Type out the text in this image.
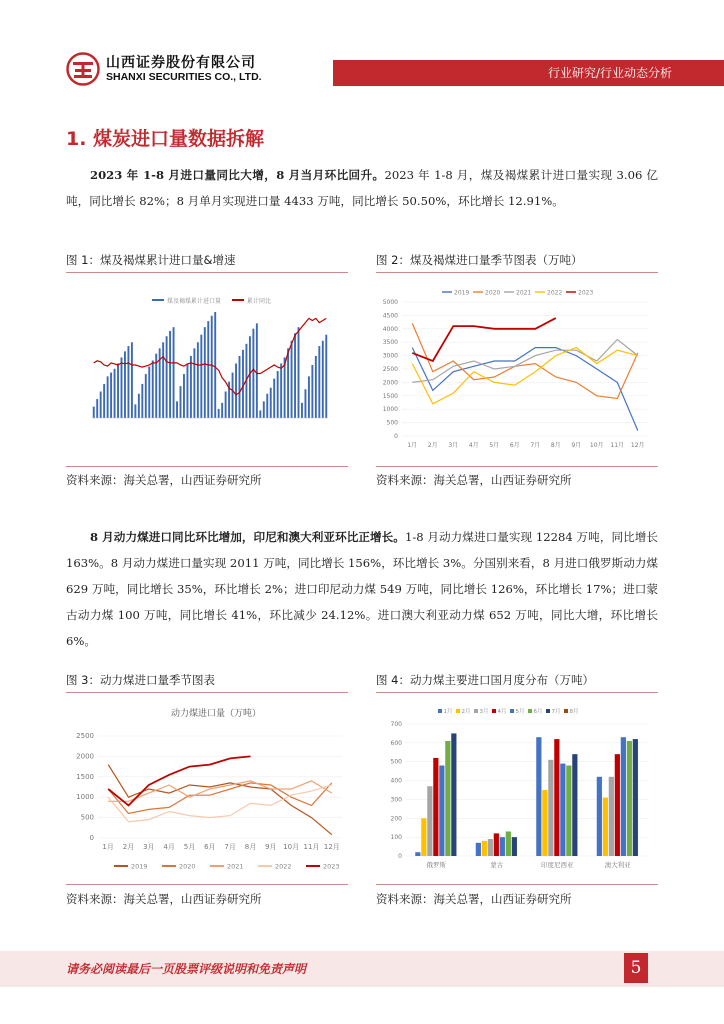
山西证券股份有限公司
SHANXI SECURITIES CO., LTD.	行业研究/行业动态分析
1. 煤炭进口量数据拆解
2023 年 1-8 月进口量同比大增，8 月当月环比回升。2023 年 1-8 月，煤及褐煤累计进口量实现 3.06 亿吨，同比增长 82%；8 月单月实现进口量 4433 万吨，同比增长 50.50%，环比增长 12.91%。
图 1：煤及褐煤累计进口量&增速	图 2：煤及褐煤进口量季节图表（万吨）
煤及褐煤累计进口量	累计同比
2019	2020	2021	2022	2023
0
500
1000
1500
2000
2500
3000
3500
4000
4500
5000
1月 2月 3月 4月 5月 6月 7月 8月 9月 10月 11月 12月
资料来源：海关总署，山西证券研究所	资料来源：海关总署，山西证券研究所
8 月动力煤进口同比环比增加，印尼和澳大利亚环比正增长。1-8 月动力煤进口量实现 12284 万吨，同比增长 163%。8 月动力煤进口量实现 2011 万吨，同比增长 156%，环比增长 3%。分国别来看，8 月进口俄罗斯动力煤 629 万吨，同比增长 35%，环比增长 2%；进口印尼动力煤 549 万吨，同比增长 126%，环比增长 17%；进口蒙古动力煤 100 万吨，同比增长 41%，环比减少 24.12%。进口澳大利亚动力煤 652 万吨，同比大增，环比增长 6%。
图 3：动力煤进口量季节图表	图 4：动力煤主要进口国月度分布（万吨）
动力煤进口量（万吨）
0
500
1000
1500
2000
2500
1月 2月 3月 4月 5月 6月 7月 8月 9月 10月 11月 12月
2019	2020	2021	2022	2023
1月 2月 3月 4月 5月 6月 7月 8月
0
100
200
300
400
500
600
700
俄罗斯	蒙古	印度尼西亚	澳大利亚
资料来源：海关总署，山西证券研究所	资料来源：海关总署，山西证券研究所
请务必阅读最后一页股票评级说明和免责声明	5
